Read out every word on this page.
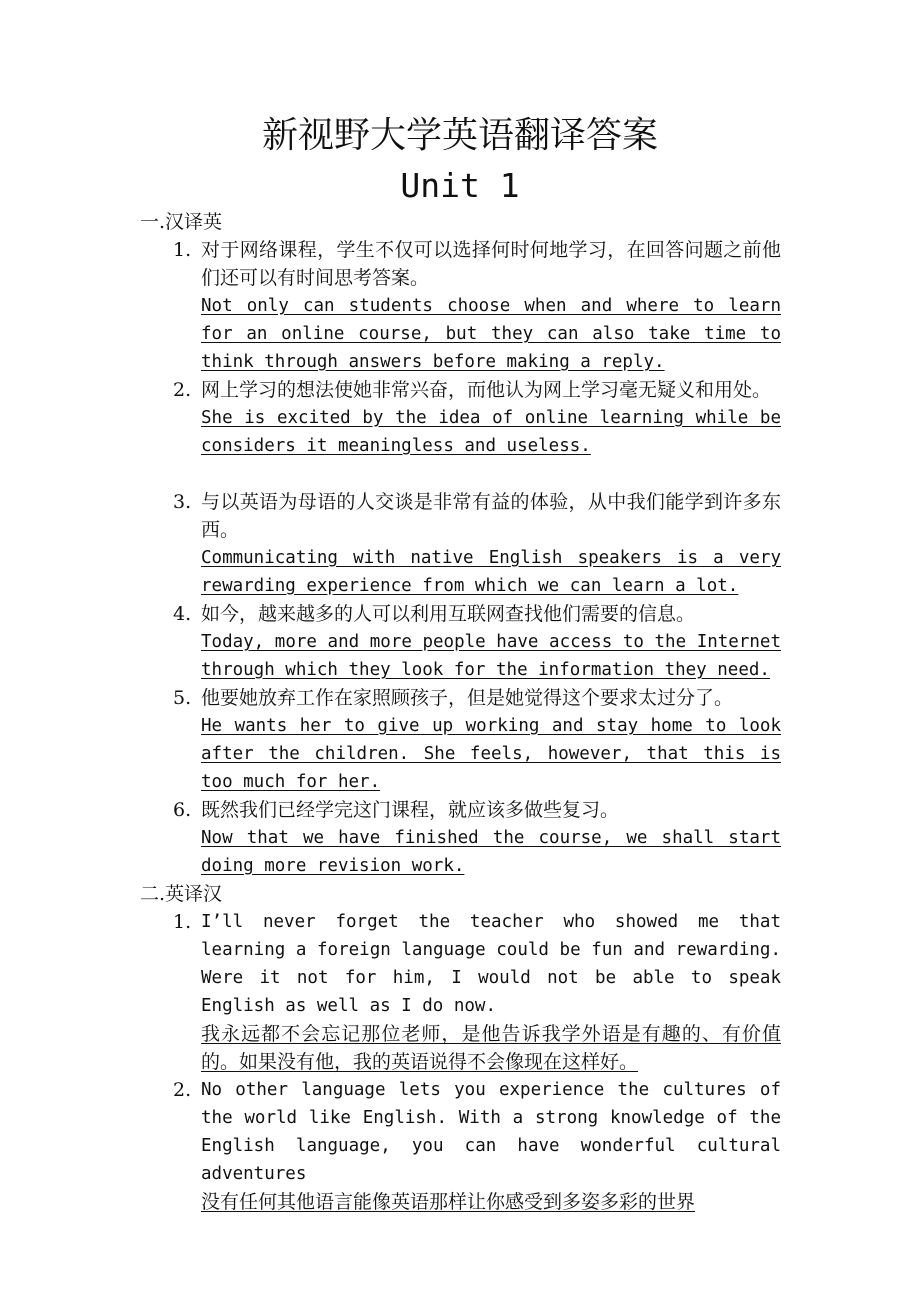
新视野大学英语翻译答案
Unit 1
一.汉译英
1. 对于网络课程，学生不仅可以选择何时何地学习，在回答问题之前他们还可以有时间思考答案。
Not only can students choose when and where to learn for an online course, but they can also take time to think through answers before making a reply.
2. 网上学习的想法使她非常兴奋，而他认为网上学习毫无疑义和用处。
She is excited by the idea of online learning while be considers it meaningless and useless.
3. 与以英语为母语的人交谈是非常有益的体验，从中我们能学到许多东西。
Communicating with native English speakers is a very rewarding experience from which we can learn a lot.
4. 如今，越来越多的人可以利用互联网查找他们需要的信息。
Today, more and more people have access to the Internet through which they look for the information they need.
5. 他要她放弃工作在家照顾孩子，但是她觉得这个要求太过分了。
He wants her to give up working and stay home to look after the children. She feels, however, that this is too much for her.
6. 既然我们已经学完这门课程，就应该多做些复习。
Now that we have finished the course, we shall start doing more revision work.
二.英译汉
1. I’ll never forget the teacher who showed me that learning a foreign language could be fun and rewarding. Were it not for him, I would not be able to speak English as well as I do now.
我永远都不会忘记那位老师，是他告诉我学外语是有趣的、有价值的。如果没有他，我的英语说得不会像现在这样好。
2. No other language lets you experience the cultures of the world like English. With a strong knowledge of the English language, you can have wonderful cultural adventures
没有任何其他语言能像英语那样让你感受到多姿多彩的世界
